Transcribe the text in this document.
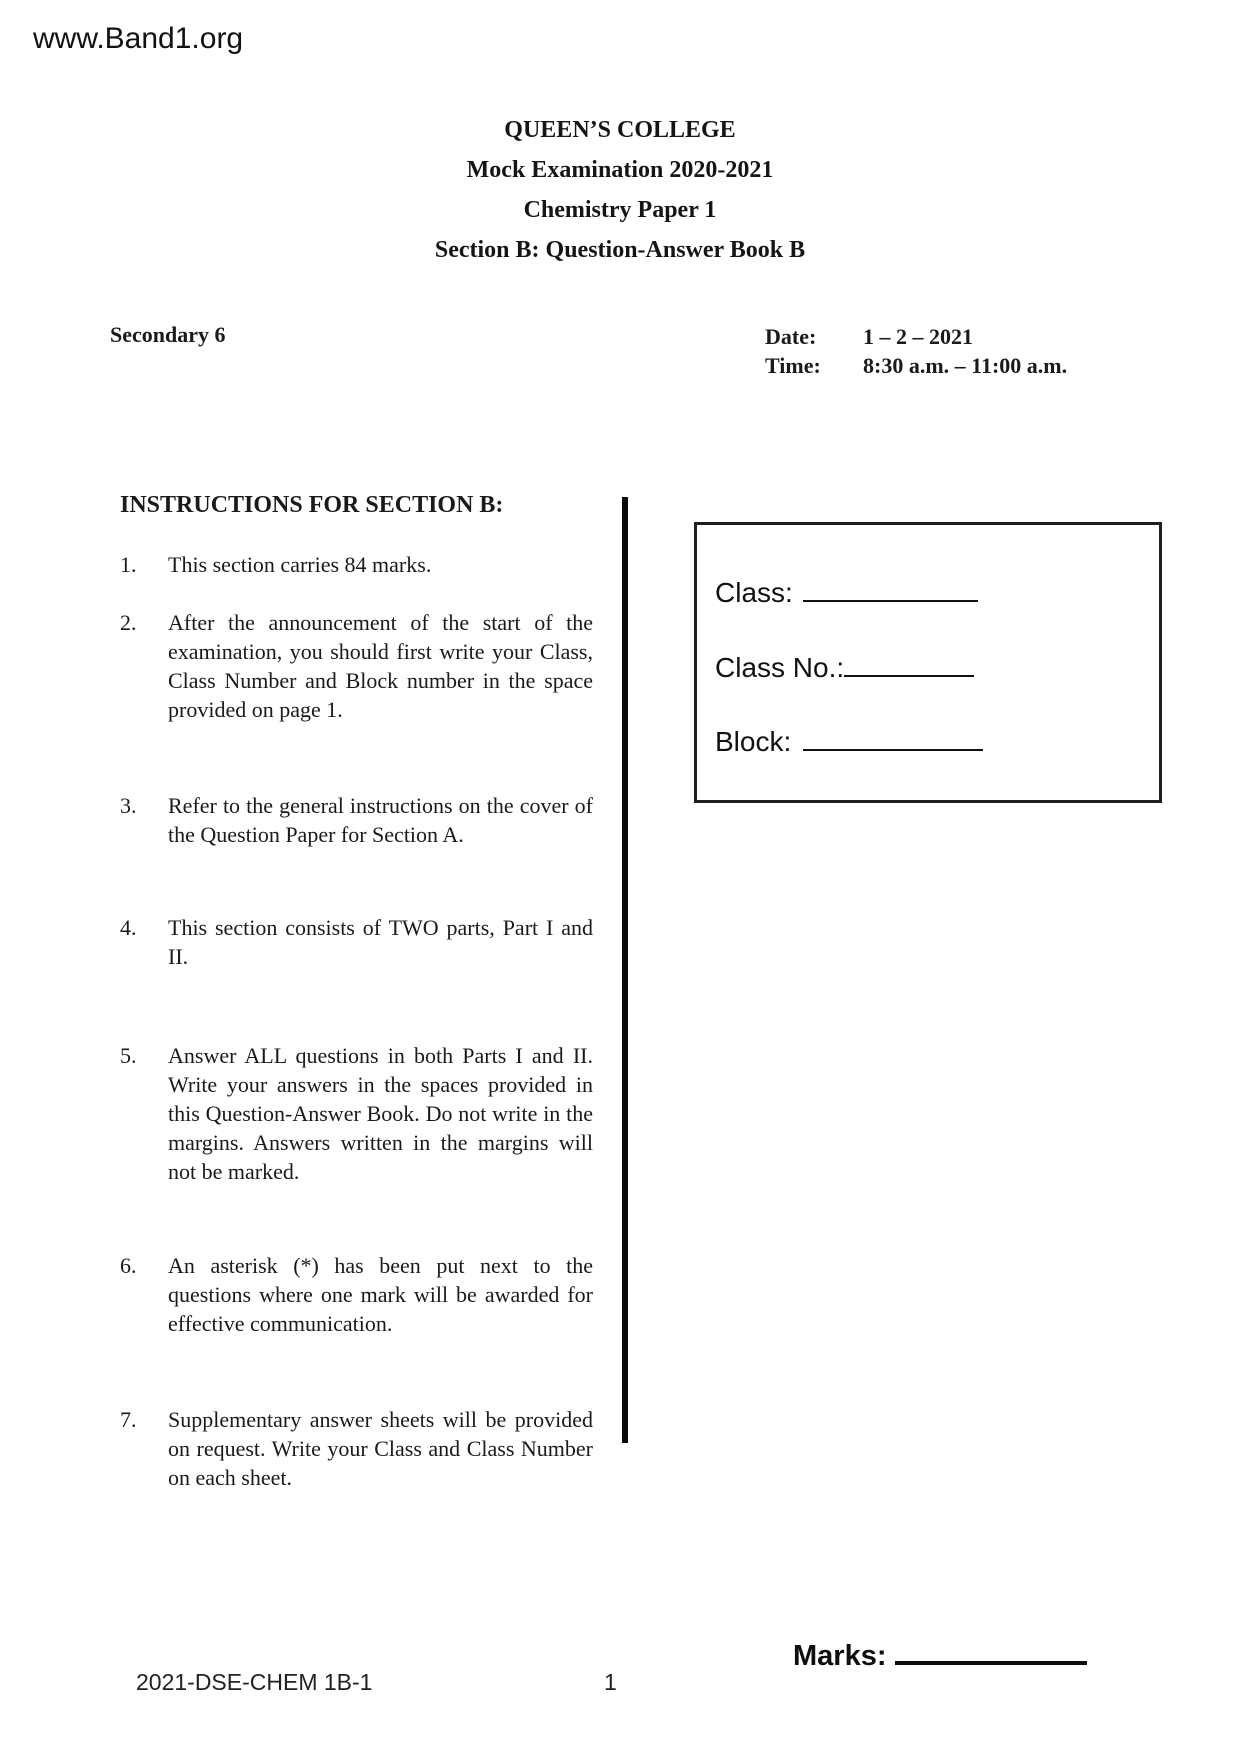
www.Band1.org
QUEEN’S COLLEGE
Mock Examination 2020-2021
Chemistry Paper 1
Section B: Question-Answer Book B
Secondary 6	Date: 1 – 2 – 2021
Time: 8:30 a.m. – 11:00 a.m.
INSTRUCTIONS FOR SECTION B:
1. This section carries 84 marks.
2. After the announcement of the start of the examination, you should first write your Class, Class Number and Block number in the space provided on page 1.
3. Refer to the general instructions on the cover of the Question Paper for Section A.
4. This section consists of TWO parts, Part I and II.
5. Answer ALL questions in both Parts I and II. Write your answers in the spaces provided in this Question-Answer Book. Do not write in the margins. Answers written in the margins will not be marked.
6. An asterisk (*) has been put next to the questions where one mark will be awarded for effective communication.
7. Supplementary answer sheets will be provided on request. Write your Class and Class Number on each sheet.
Class:
Class No.:
Block:
Marks:
2021-DSE-CHEM 1B-1	1
